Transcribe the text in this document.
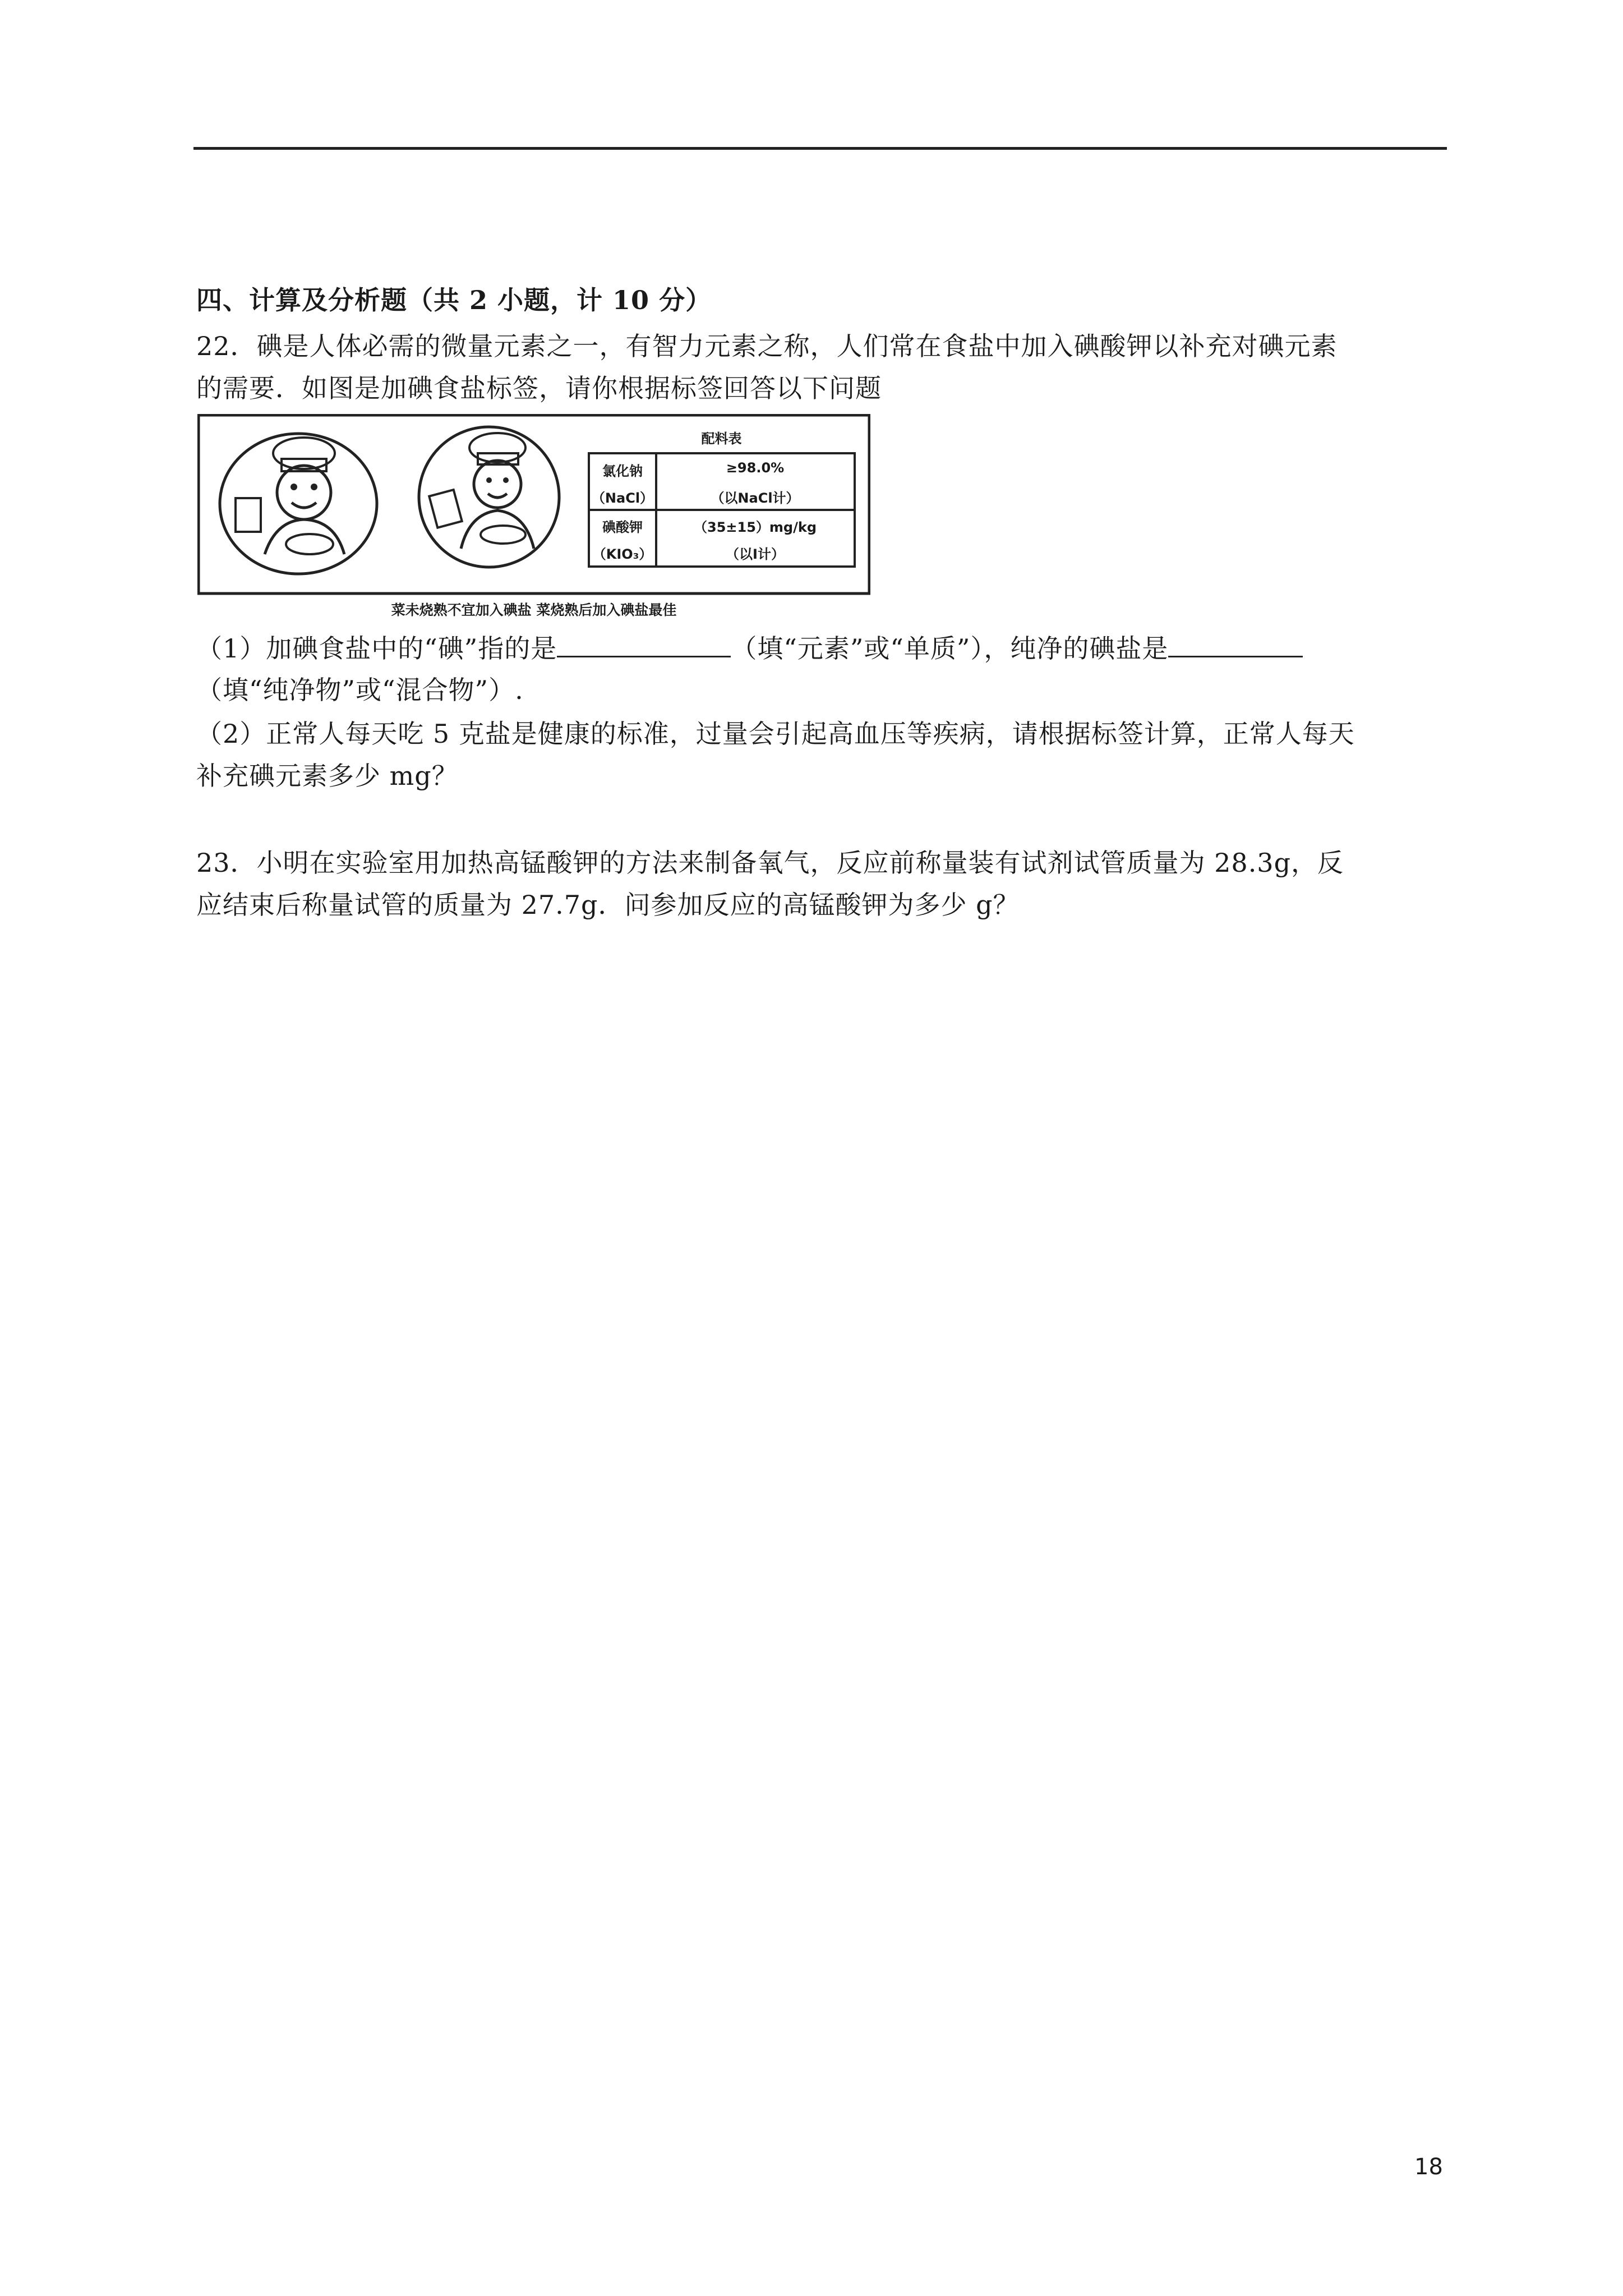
四、计算及分析题（共 2 小题，计 10 分）
22．碘是人体必需的微量元素之一，有智力元素之称，人们常在食盐中加入碘酸钾以补充对碘元素
的需要．如图是加碘食盐标签，请你根据标签回答以下问题
配料表
氯化钠
（NaCl）
≥98.0%
（以NaCl计）
碘酸钾
（KIO₃）
（35±15）mg/kg
（以I计）
菜未烧熟不宜加入碘盐 菜烧熟后加入碘盐最佳
（1）加碘食盐中的“碘”指的是	（填“元素”或“单质”），纯净的碘盐是
（填“纯净物”或“混合物”）.
（2）正常人每天吃 5 克盐是健康的标准，过量会引起高血压等疾病，请根据标签计算，正常人每天
补充碘元素多少 mg？
23．小明在实验室用加热高锰酸钾的方法来制备氧气，反应前称量装有试剂试管质量为 28.3g，反
应结束后称量试管的质量为 27.7g．问参加反应的高锰酸钾为多少 g？
18
